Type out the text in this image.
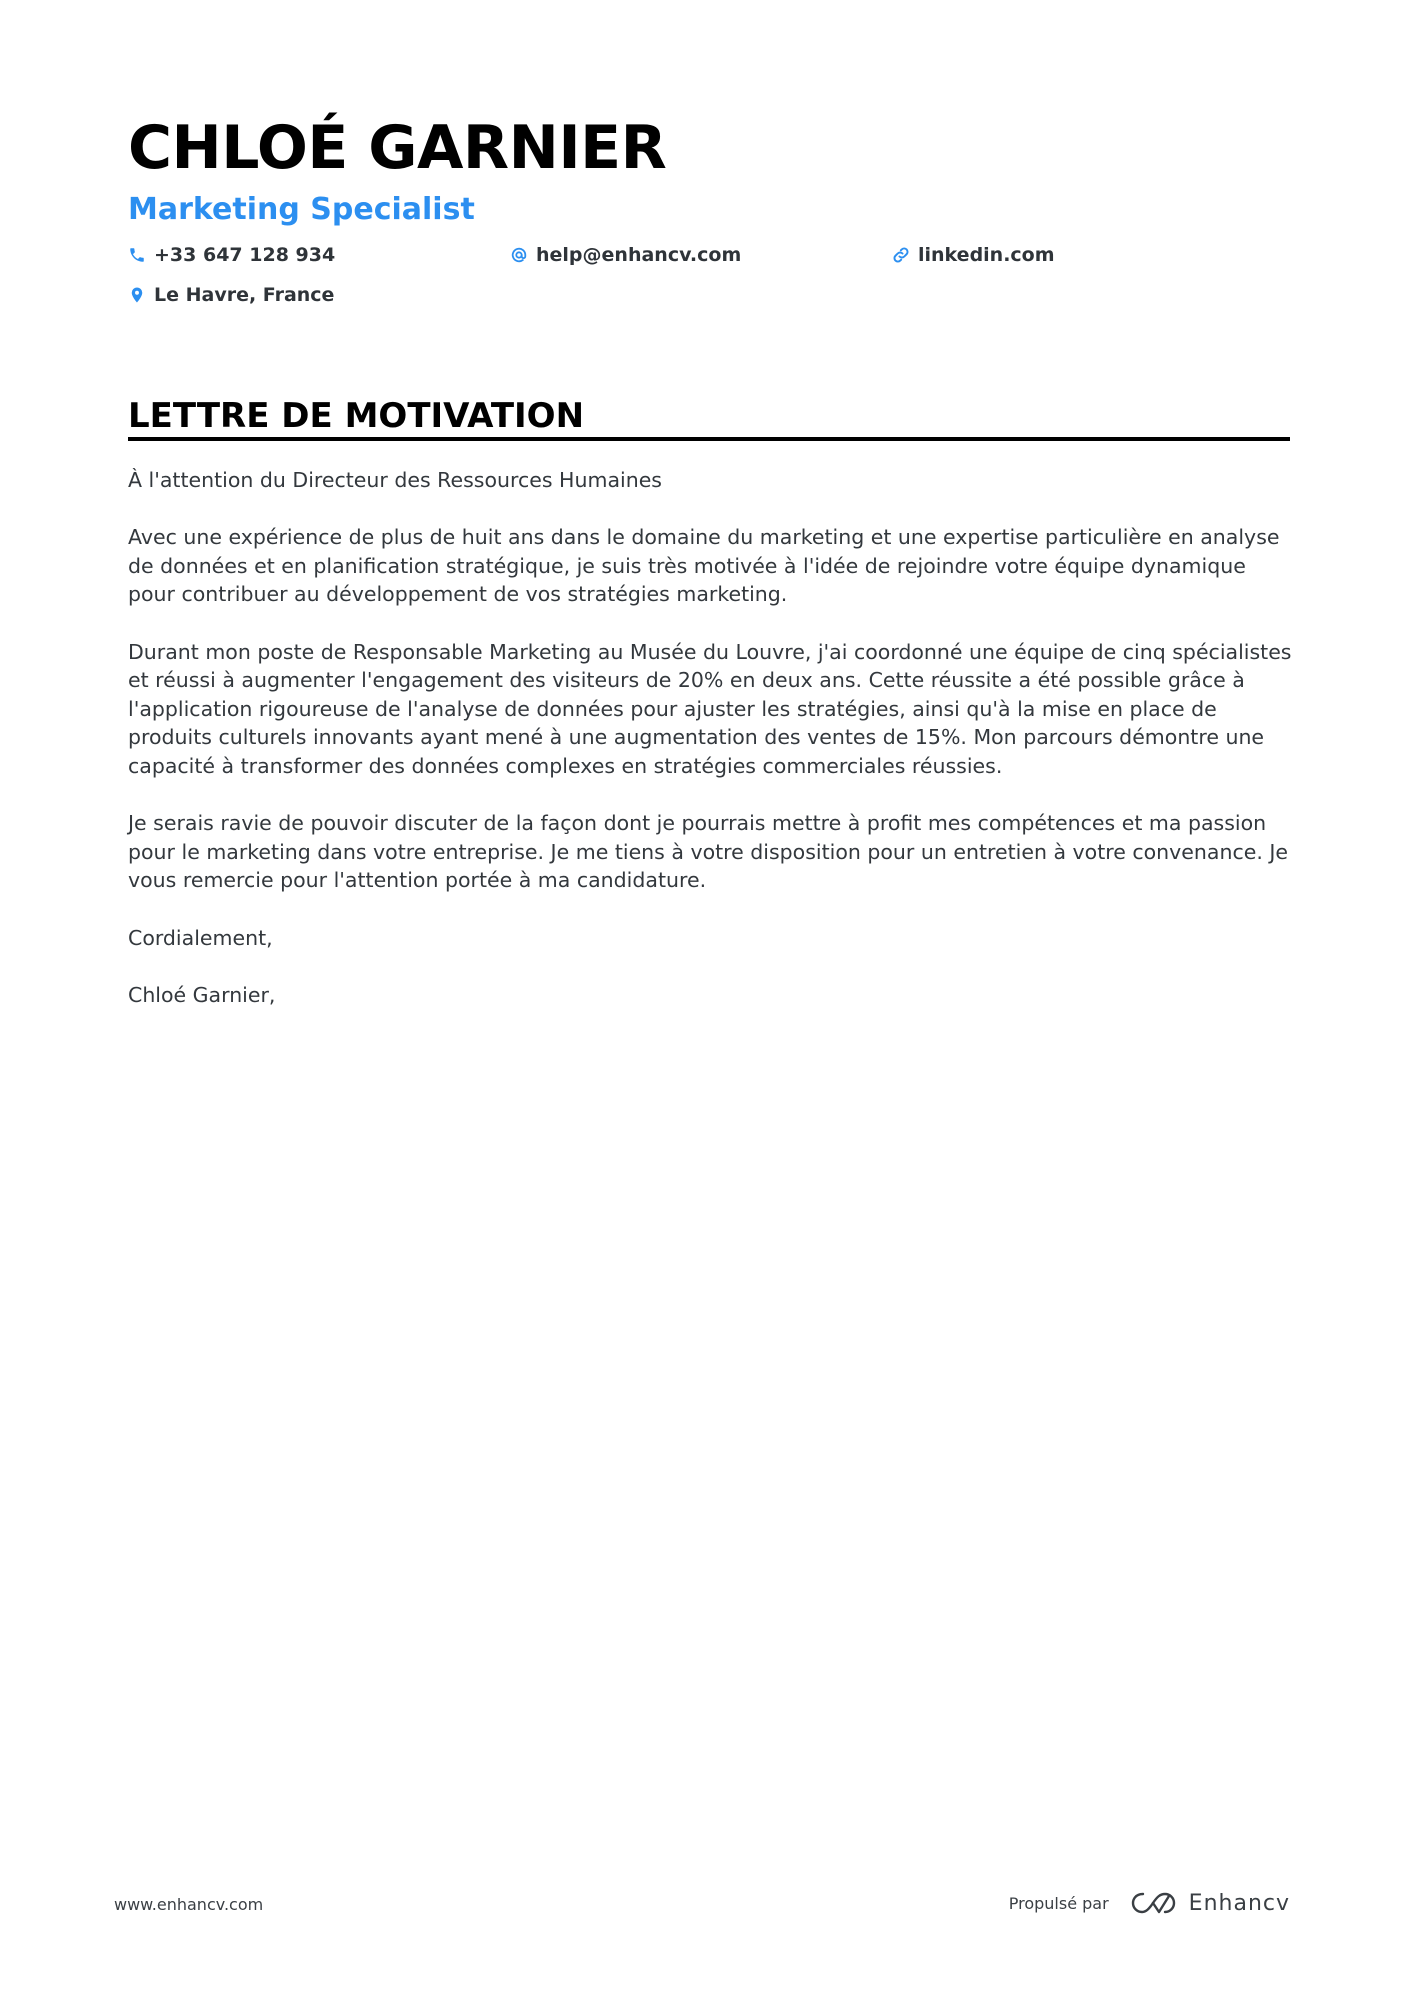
CHLOÉ GARNIER
Marketing Specialist
+33 647 128 934	help@enhancv.com	linkedin.com
Le Havre, France
LETTRE DE MOTIVATION

À l'attention du Directeur des Ressources Humaines

Avec une expérience de plus de huit ans dans le domaine du marketing et une expertise particulière en analyse de données et en planification stratégique, je suis très motivée à l'idée de rejoindre votre équipe dynamique pour contribuer au développement de vos stratégies marketing.

Durant mon poste de Responsable Marketing au Musée du Louvre, j'ai coordonné une équipe de cinq spécialistes et réussi à augmenter l'engagement des visiteurs de 20% en deux ans. Cette réussite a été possible grâce à l'application rigoureuse de l'analyse de données pour ajuster les stratégies, ainsi qu'à la mise en place de produits culturels innovants ayant mené à une augmentation des ventes de 15%. Mon parcours démontre une capacité à transformer des données complexes en stratégies commerciales réussies.

Je serais ravie de pouvoir discuter de la façon dont je pourrais mettre à profit mes compétences et ma passion pour le marketing dans votre entreprise. Je me tiens à votre disposition pour un entretien à votre convenance. Je vous remercie pour l'attention portée à ma candidature.

Cordialement,

Chloé Garnier,

www.enhancv.com	Propulsé par	Enhancv
